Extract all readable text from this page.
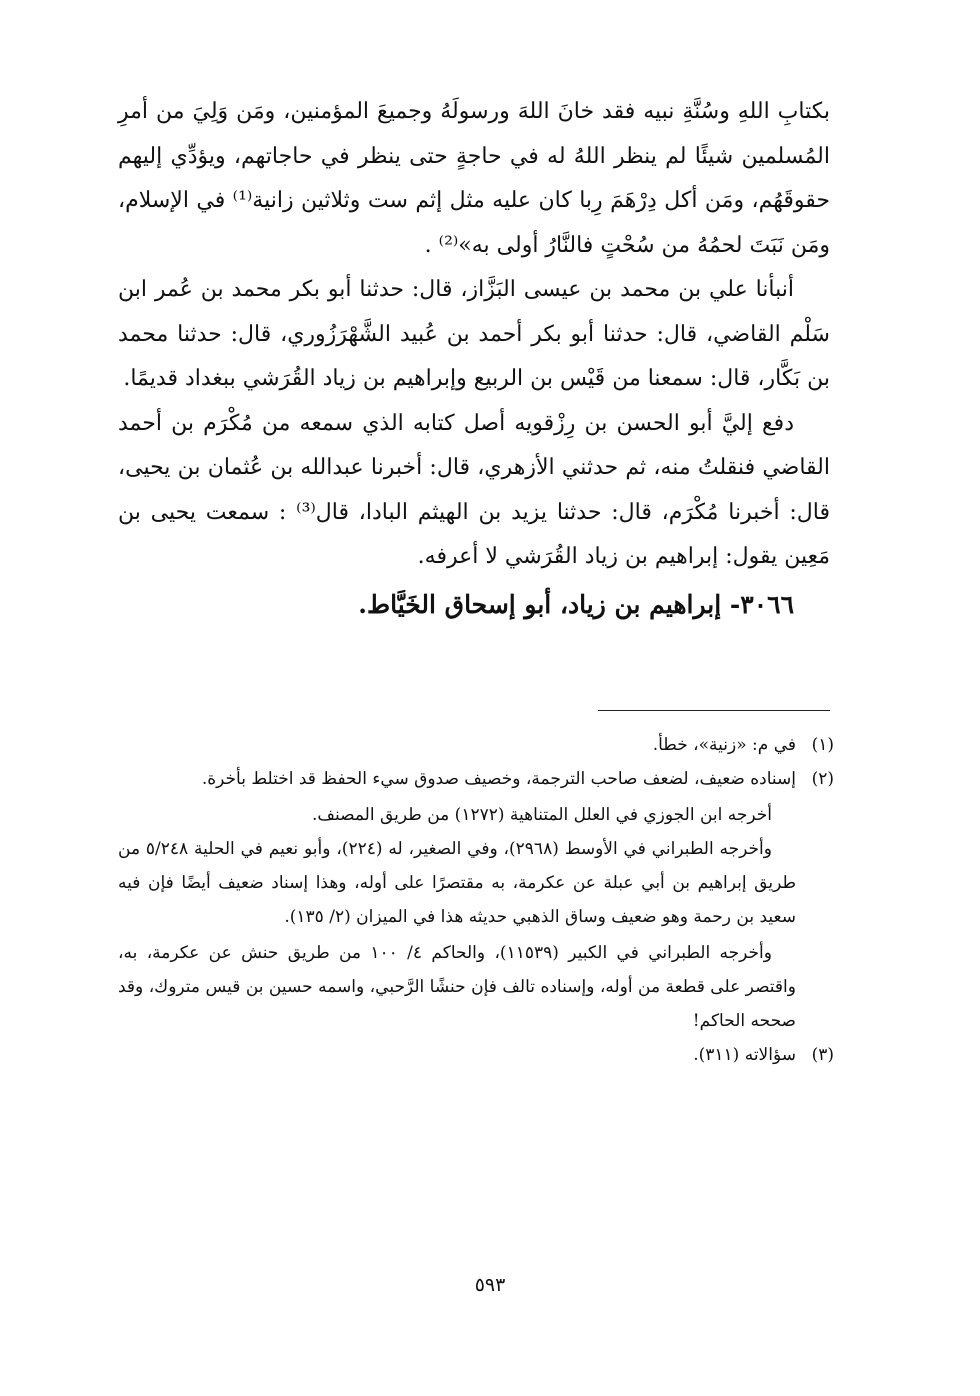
بكتابِ اللهِ وسُنَّةِ نبيه فقد خانَ اللهَ ورسولَهُ وجميعَ المؤمنين، ومَن وَلِيَ من أمرِ المُسلمين شيئًا لم ينظر اللهُ له في حاجةٍ حتى ينظر في حاجاتهم، ويؤدِّي إليهم حقوقَهُم، ومَن أكل دِرْهَمَ رِبا كان عليه مثل إثم ست وثلاثين زانية⁽¹⁾ في الإسلام، ومَن نَبَتَ لحمُهُ من سُحْتٍ فالنَّارُ أولى به»⁽²⁾ .

أنبأنا علي بن محمد بن عيسى البَزَّاز، قال: حدثنا أبو بكر محمد بن عُمر ابن سَلْم القاضي، قال: حدثنا أبو بكر أحمد بن عُبيد الشَّهْرَزُوري، قال: حدثنا محمد بن بَكَّار، قال: سمعنا من قَيْس بن الربيع وإبراهيم بن زياد القُرَشي ببغداد قديمًا.

دفع إليَّ أبو الحسن بن رِزْقويه أصل كتابه الذي سمعه من مُكْرَم بن أحمد القاضي فنقلتُ منه، ثم حدثني الأزهري، قال: أخبرنا عبدالله بن عُثمان بن يحيى، قال: أخبرنا مُكْرَم، قال: حدثنا يزيد بن الهيثم البادا، قال⁽³⁾ : سمعت يحيى بن مَعِين يقول: إبراهيم بن زياد القُرَشي لا أعرفه.

٣٠٦٦- إبراهيم بن زياد، أبو إسحاق الخَيَّاط.

(١)

في م: «زنية»، خطأ.

(٢)

إسناده ضعيف، لضعف صاحب الترجمة، وخصيف صدوق سيء الحفظ قد اختلط بأخرة.

أخرجه ابن الجوزي في العلل المتناهية (١٢٧٢) من طريق المصنف.

وأخرجه الطبراني في الأوسط (٢٩٦٨)، وفي الصغير، له (٢٢٤)، وأبو نعيم في الحلية ٥/٢٤٨ من طريق إبراهيم بن أبي عبلة عن عكرمة، به مقتصرًا على أوله، وهذا إسناد ضعيف أيضًا فإن فيه سعيد بن رحمة وهو ضعيف وساق الذهبي حديثه هذا في الميزان (٢/ ١٣٥).

وأخرجه الطبراني في الكبير (١١٥٣٩)، والحاكم ٤/ ١٠٠ من طريق حنش عن عكرمة، به، واقتصر على قطعة من أوله، وإسناده تالف فإن حنشًا الرَّحبي، واسمه حسين بن قيس متروك، وقد صححه الحاكم!

(٣)

سؤالاته (٣١١).

٥٩٣
